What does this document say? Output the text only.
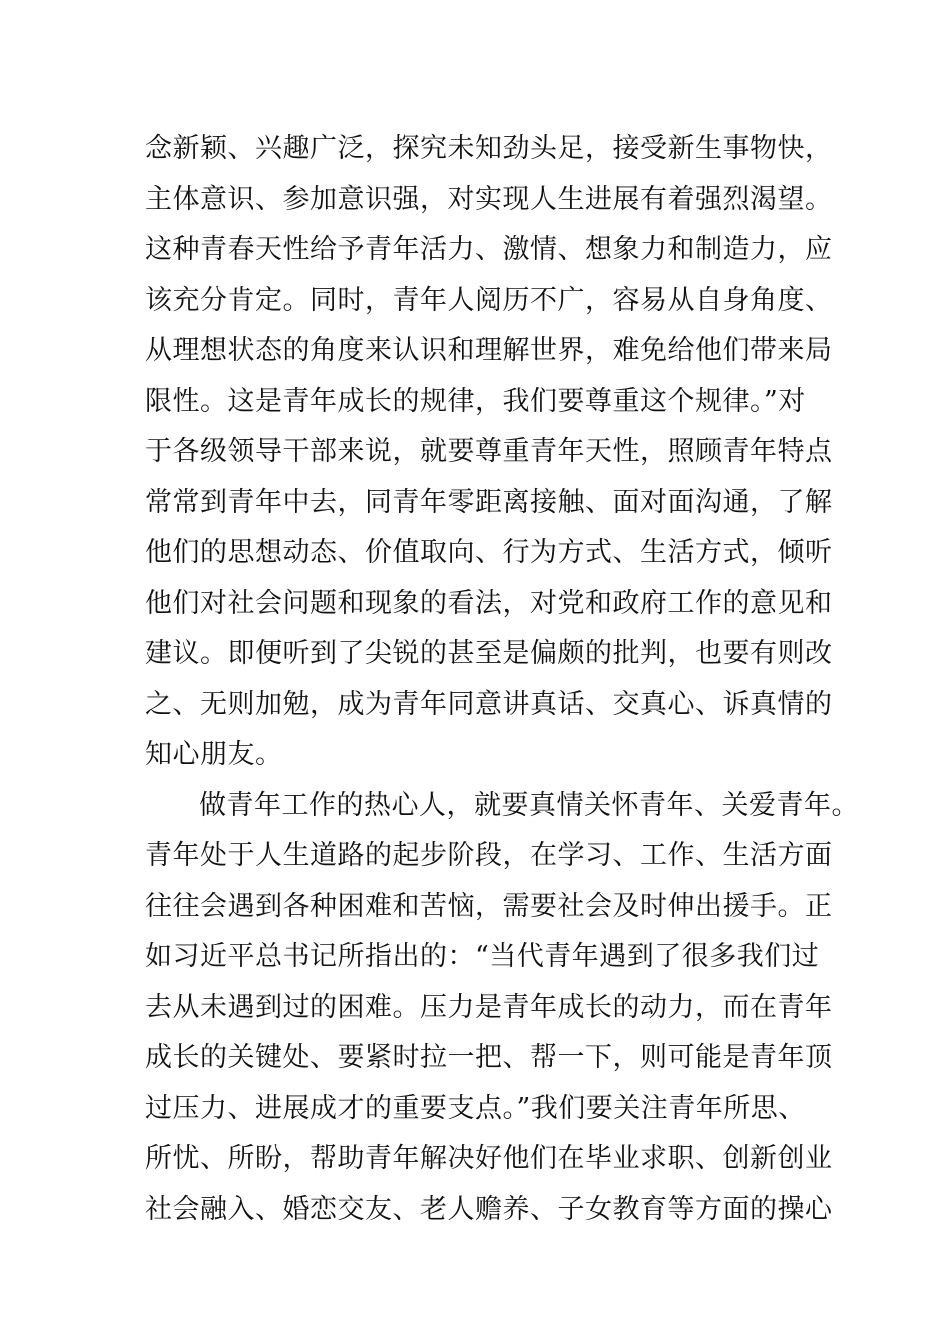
念新颖、兴趣广泛，探究未知劲头足，接受新生事物快，
主体意识、参加意识强，对实现人生进展有着强烈渴望。
这种青春天性给予青年活力、激情、想象力和制造力，应
该充分肯定。同时，青年人阅历不广，容易从自身角度、
从理想状态的角度来认识和理解世界，难免给他们带来局
限性。这是青年成长的规律，我们要尊重这个规律。”对
于各级领导干部来说，就要尊重青年天性，照顾青年特点
常常到青年中去，同青年零距离接触、面对面沟通，了解
他们的思想动态、价值取向、行为方式、生活方式，倾听
他们对社会问题和现象的看法，对党和政府工作的意见和
建议。即便听到了尖锐的甚至是偏颇的批判，也要有则改
之、无则加勉，成为青年同意讲真话、交真心、诉真情的
知心朋友。
做青年工作的热心人，就要真情关怀青年、关爱青年。
青年处于人生道路的起步阶段，在学习、工作、生活方面
往往会遇到各种困难和苦恼，需要社会及时伸出援手。正
如习近平总书记所指出的：“当代青年遇到了很多我们过
去从未遇到过的困难。压力是青年成长的动力，而在青年
成长的关键处、要紧时拉一把、帮一下，则可能是青年顶
过压力、进展成才的重要支点。”我们要关注青年所思、
所忧、所盼，帮助青年解决好他们在毕业求职、创新创业
社会融入、婚恋交友、老人赡养、子女教育等方面的操心
